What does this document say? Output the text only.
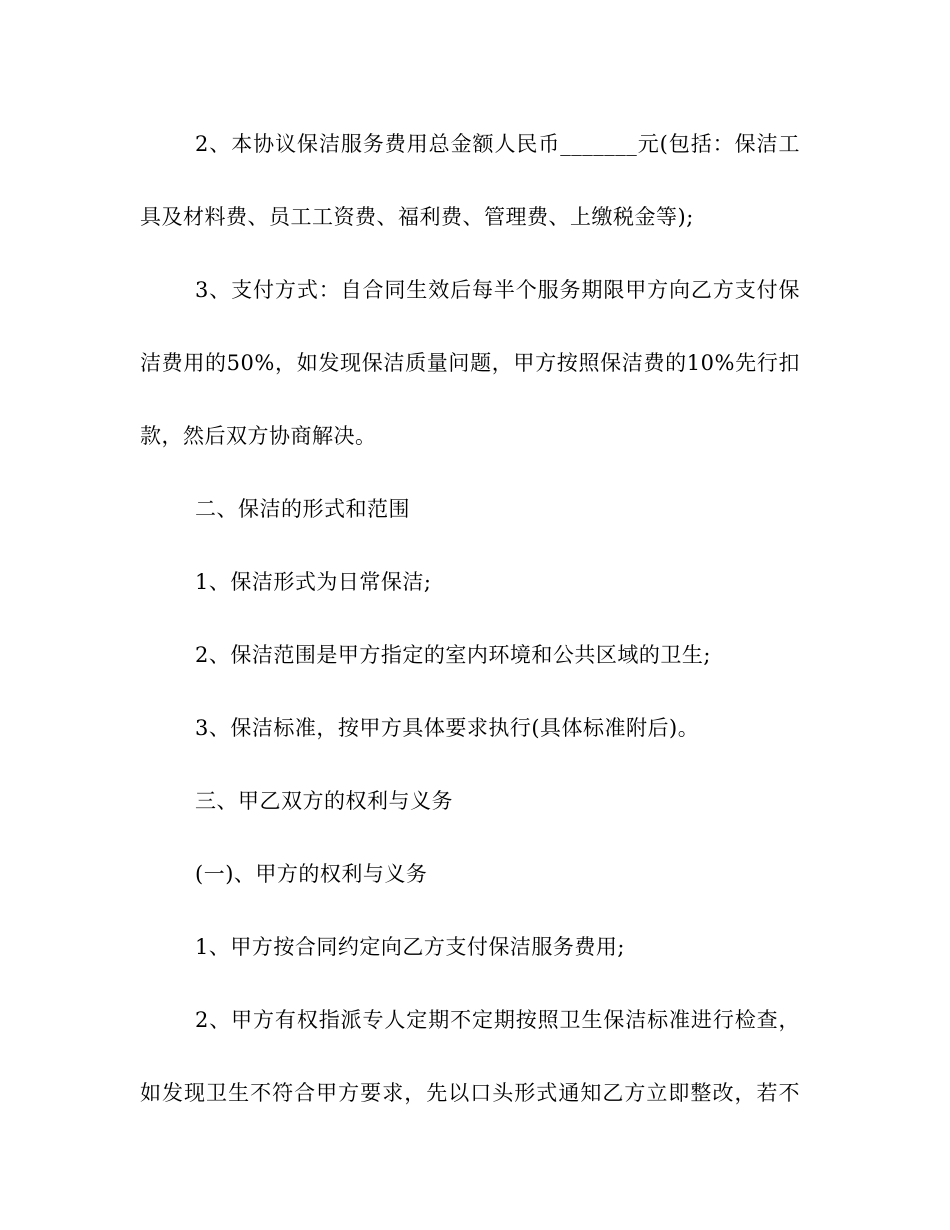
2、本协议保洁服务费用总金额人民币_______元(包括：保洁工
具及材料费、员工工资费、福利费、管理费、上缴税金等);
3、支付方式：自合同生效后每半个服务期限甲方向乙方支付保
洁费用的50%，如发现保洁质量问题，甲方按照保洁费的10%先行扣
款，然后双方协商解决。
二、保洁的形式和范围
1、保洁形式为日常保洁;
2、保洁范围是甲方指定的室内环境和公共区域的卫生;
3、保洁标准，按甲方具体要求执行(具体标准附后)。
三、甲乙双方的权利与义务
(一)、甲方的权利与义务
1、甲方按合同约定向乙方支付保洁服务费用;
2、甲方有权指派专人定期不定期按照卫生保洁标准进行检查，
如发现卫生不符合甲方要求，先以口头形式通知乙方立即整改，若不
